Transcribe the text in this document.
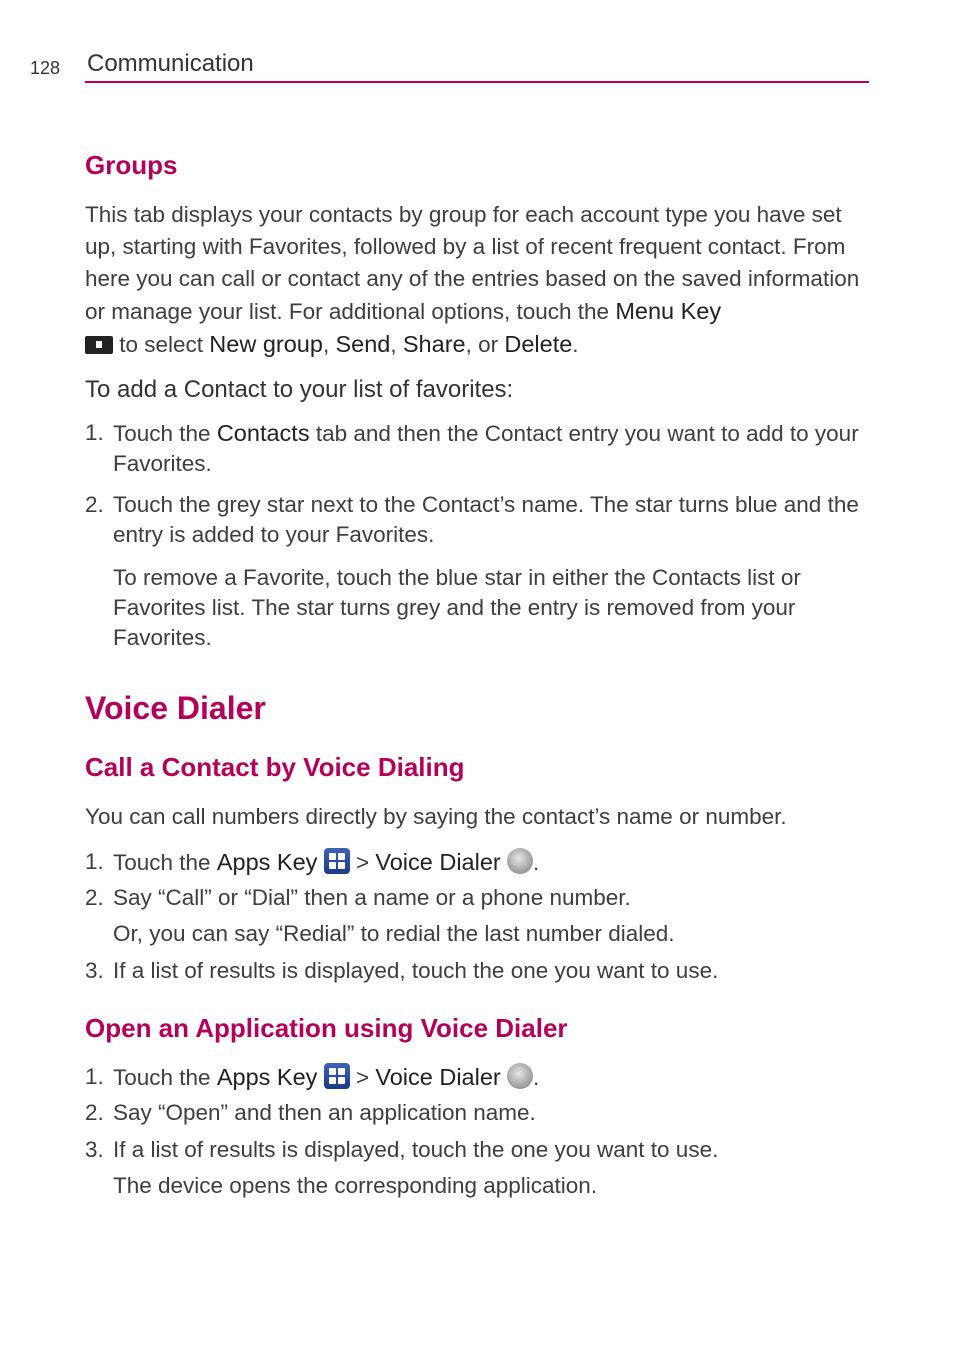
128 Communication
Groups
This tab displays your contacts by group for each account type you have set up, starting with Favorites, followed by a list of recent frequent contact. From here you can call or contact any of the entries based on the saved information or manage your list. For additional options, touch the Menu Key
to select New group, Send, Share, or Delete.
To add a Contact to your list of favorites:
1. Touch the Contacts tab and then the Contact entry you want to add to your Favorites.
2. Touch the grey star next to the Contact’s name. The star turns blue and the entry is added to your Favorites.
To remove a Favorite, touch the blue star in either the Contacts list or Favorites list. The star turns grey and the entry is removed from your Favorites.
Voice Dialer
Call a Contact by Voice Dialing
You can call numbers directly by saying the contact’s name or number.
1. Touch the Apps Key
> Voice Dialer .
2. Say “Call” or “Dial” then a name or a phone number.
Or, you can say “Redial” to redial the last number dialed.
3. If a list of results is displayed, touch the one you want to use.
Open an Application using Voice Dialer
1. Touch the Apps Key
> Voice Dialer .
2. Say “Open” and then an application name.
3. If a list of results is displayed, touch the one you want to use.
The device opens the corresponding application.
